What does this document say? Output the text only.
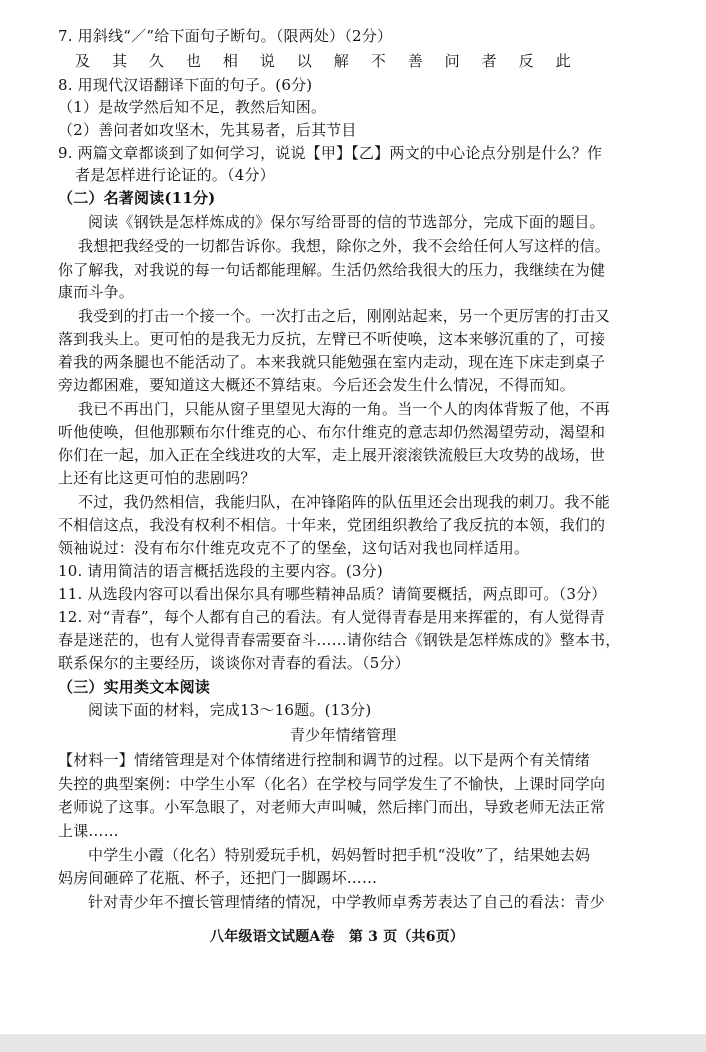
7. 用斜线“／”给下面句子断句。（限两处）（2分）
及 其 久 也 相 说 以 解 不 善 问 者 反 此
8. 用现代汉语翻译下面的句子。(6分)
（1）是故学然后知不足，教然后知困。
（2）善问者如攻坚木，先其易者，后其节目
9. 两篇文章都谈到了如何学习，说说【甲】【乙】两文的中心论点分别是什么？作
者是怎样进行论证的。（4分）
（二）名著阅读(11分)
阅读《钢铁是怎样炼成的》保尔写给哥哥的信的节选部分，完成下面的题目。
我想把我经受的一切都告诉你。我想，除你之外，我不会给任何人写这样的信。
你了解我，对我说的每一句话都能理解。生活仍然给我很大的压力，我继续在为健
康而斗争。
我受到的打击一个接一个。一次打击之后，刚刚站起来，另一个更厉害的打击又
落到我头上。更可怕的是我无力反抗，左臂已不听使唤，这本来够沉重的了，可接
着我的两条腿也不能活动了。本来我就只能勉强在室内走动，现在连下床走到桌子
旁边都困难，要知道这大概还不算结束。今后还会发生什么情况，不得而知。
我已不再出门，只能从窗子里望见大海的一角。当一个人的肉体背叛了他，不再
听他使唤，但他那颗布尔什维克的心、布尔什维克的意志却仍然渴望劳动，渴望和
你们在一起，加入正在全线进攻的大军，走上展开滚滚铁流般巨大攻势的战场，世
上还有比这更可怕的悲剧吗？
不过，我仍然相信，我能归队，在冲锋陷阵的队伍里还会出现我的刺刀。我不能
不相信这点，我没有权利不相信。十年来，党团组织教给了我反抗的本领，我们的
领袖说过：没有布尔什维克攻克不了的堡垒，这句话对我也同样适用。
10. 请用简洁的语言概括选段的主要内容。(3分)
11. 从选段内容可以看出保尔具有哪些精神品质？请简要概括，两点即可。（3分）
12. 对“青春”，每个人都有自己的看法。有人觉得青春是用来挥霍的，有人觉得青
春是迷茫的，也有人觉得青春需要奋斗……请你结合《钢铁是怎样炼成的》整本书，
联系保尔的主要经历，谈谈你对青春的看法。（5分）
（三）实用类文本阅读
阅读下面的材料，完成13～16题。(13分)
青少年情绪管理
【材料一】情绪管理是对个体情绪进行控制和调节的过程。以下是两个有关情绪
失控的典型案例：中学生小军（化名）在学校与同学发生了不愉快，上课时同学向
老师说了这事。小军急眼了，对老师大声叫喊，然后摔门而出，导致老师无法正常
上课……
中学生小霞（化名）特别爱玩手机，妈妈暂时把手机“没收”了，结果她去妈
妈房间砸碎了花瓶、杯子，还把门一脚踢坏……
针对青少年不擅长管理情绪的情况，中学教师卓秀芳表达了自己的看法：青少
八年级语文试题A卷　第 3 页（共6页）
